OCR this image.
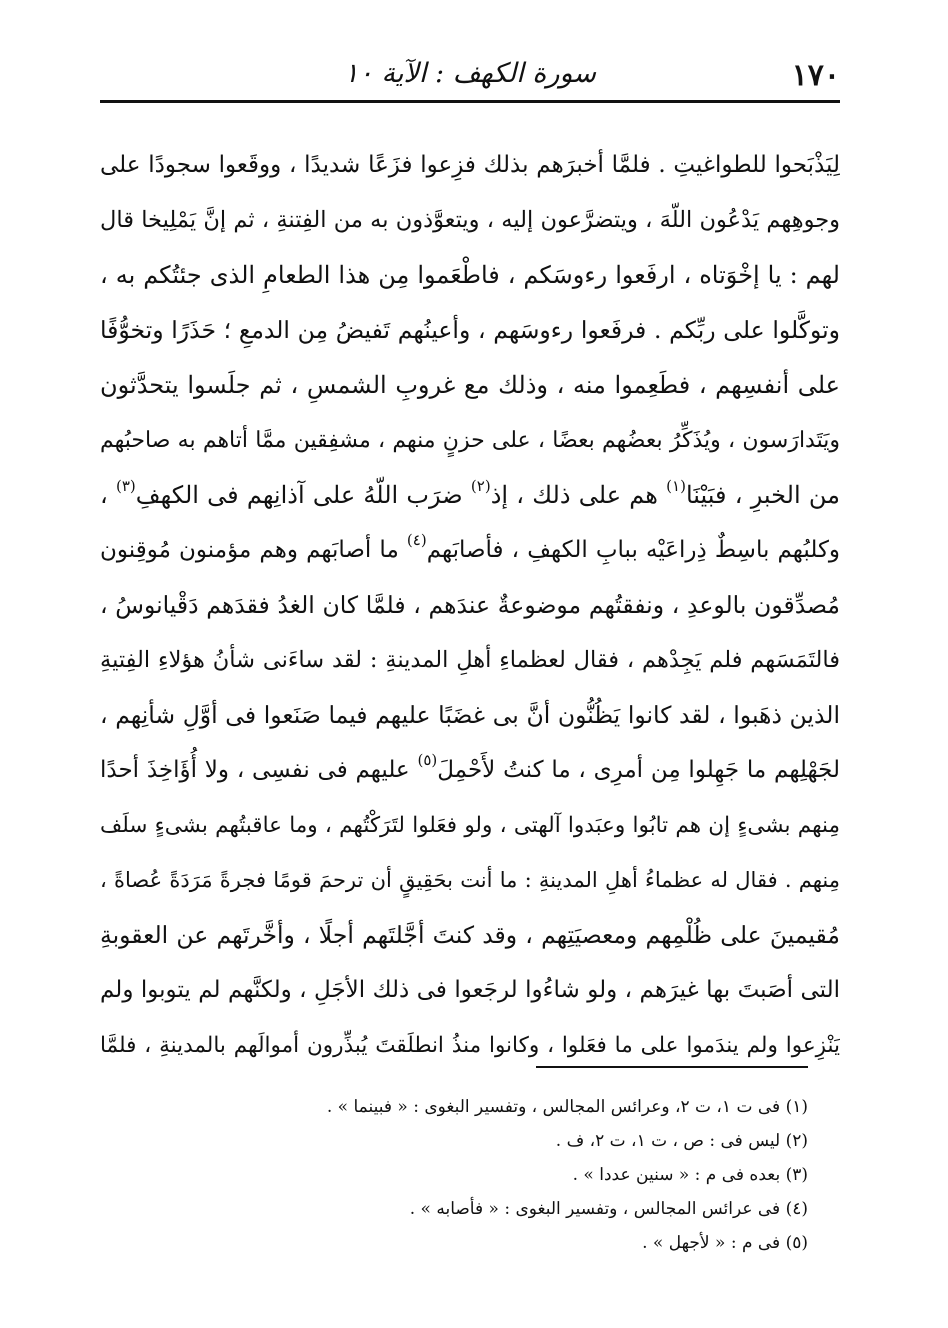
١٧٠
سورة الكهف : الآية ١٠
لِيَذْبَحوا للطواغيتِ . فلمَّا أخبرَهم بذلك فزِعوا فزَعًا شديدًا ، ووقَعوا سجودًا على
وجوهِهم يَدْعُون اللّهَ ، ويتضرَّعون إليه ، ويتعوَّذون به من الفِتنةِ ، ثم إنَّ يَمْلِيخا قال
لهم : يا إخْوَتاه ، ارفَعوا رءوسَكم ، فاطْعَموا مِن هذا الطعامِ الذى جئتُكم به ،
وتوكَّلوا على ربِّكم . فرفَعوا رءوسَهم ، وأعينُهم تَفيضُ مِن الدمعِ ؛ حَذَرًا وتخوُّفًا
على أنفسِهم ، فطَعِموا منه ، وذلك مع غروبِ الشمسِ ، ثم جلَسوا يتحدَّثون
ويَتَدارَسون ، ويُذَكِّرُ بعضُهم بعضًا ، على حزنٍ منهم ، مشفِقين ممَّا أتاهم به صاحبُهم
من الخبرِ ، فبَيْنَا$^{(١)}$ هم على ذلك ، إذ$^{(٢)}$ ضرَب اللّهُ على آذانِهم فى الكهفِ$^{(٣)}$ ،
وكلبُهم باسِطٌ ذِراعَيْه ببابِ الكهفِ ، فأصابَهم$^{(٤)}$ ما أصابَهم وهم مؤمنون مُوقِنون
مُصدِّقون بالوعدِ ، ونفقتُهم موضوعةٌ عندَهم ، فلمَّا كان الغدُ فقدَهم دَقْيانوسُ ،
فالتَمَسَهم فلم يَجِدْهم ، فقال لعظماءِ أهلِ المدينةِ : لقد ساءَنى شأنُ هؤلاءِ الفِتيةِ
الذين ذهَبوا ، لقد كانوا يَظُنُّون أنَّ بى غضَبًا عليهم فيما صَنَعوا فى أوَّلِ شأنِهم ،
لجَهْلِهم ما جَهِلوا مِن أمرِى ، ما كنتُ لأَحْمِلَ$^{(٥)}$ عليهم فى نفسِى ، ولا أُؤَاخِذَ أحدًا
مِنهم بشىءٍ إن هم تابُوا وعبَدوا آلهتى ، ولو فعَلوا لتَرَكْتُهم ، وما عاقبتُهم بشىءٍ سلَف
مِنهم . فقال له عظماءُ أهلِ المدينةِ : ما أنت بحَقِيقٍ أن ترحمَ قومًا فجرةً مَرَدَةً عُصاةً ،
مُقيمينَ على ظُلْمِهم ومعصيَتِهم ، وقد كنتَ أجَّلتَهم أجلًا ، وأخَّرتَهم عن العقوبةِ
التى أصَبتَ بها غيرَهم ، ولو شاءُوا لرجَعوا فى ذلك الأجَلِ ، ولكنَّهم لم يتوبوا ولم
يَنْزِعوا ولم يندَموا على ما فعَلوا ، وكانوا منذُ انطلَقتَ يُبذِّرون أموالَهم بالمدينةِ ، فلمَّا
(١) فى ت ١، ت ٢، وعرائس المجالس ، وتفسير البغوى : « فبينما » .
(٢) ليس فى : ص ، ت ١، ت ٢، ف .
(٣) بعده فى م : « سنين عددا » .
(٤) فى عرائس المجالس ، وتفسير البغوى : « فأصابه » .
(٥) فى م : « لأجهل » .
